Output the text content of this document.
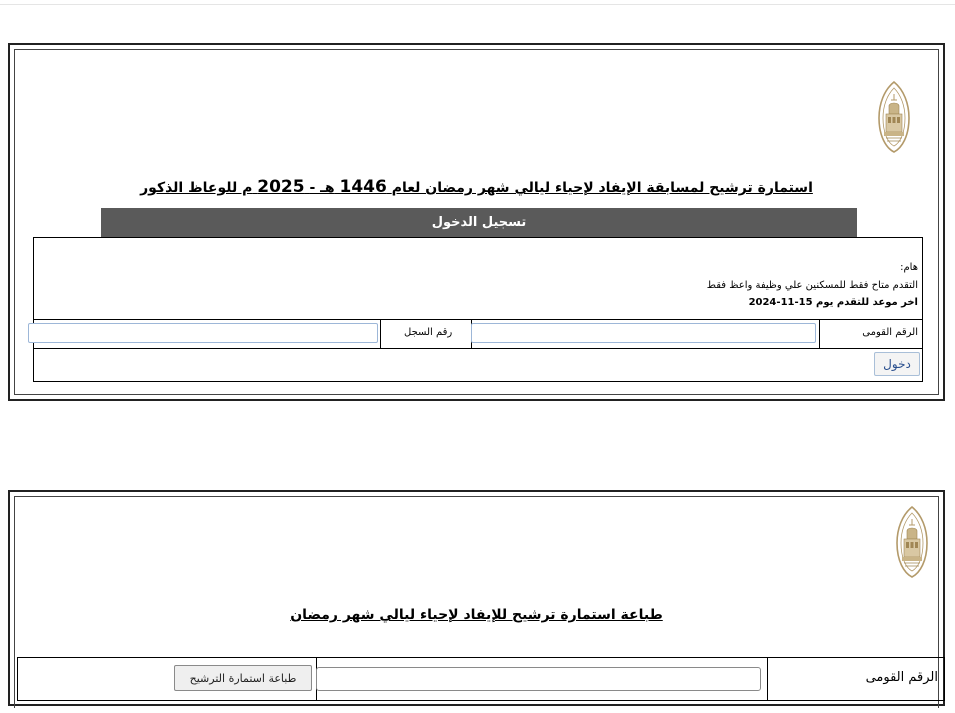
استمارة ترشيح لمسابقة الإيفاد لإحياء ليالي شهر رمضان لعام 1446 هـ - 2025 م للوعاظ الذكور
تسجيل الدخول
هام:
التقدم متاح فقط للمسكنين علي وظيفة واعظ فقط
اخر موعد للتقدم يوم 15-11-2024
الرقم القومى
رقم السجل
دخول
طباعة استمارة ترشيح للإيفاد لإحياء ليالي شهر رمضان
الرقم القومى
طباعة استمارة الترشيح
